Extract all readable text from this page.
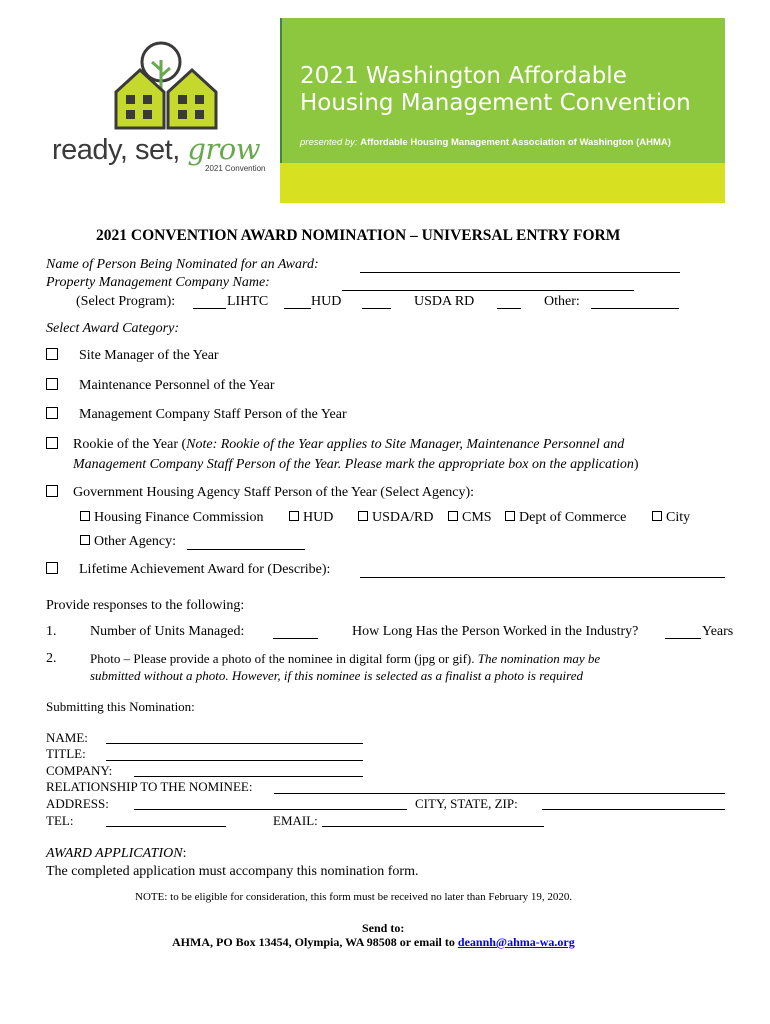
ready, set, grow
2021 Convention
2021 Washington Affordable
Housing Management Convention
presented by: Affordable Housing Management Association of Washington (AHMA)
2021 CONVENTION AWARD NOMINATION – UNIVERSAL ENTRY FORM
Name of Person Being Nominated for an Award:
Property Management Company Name:
(Select Program):	LIHTC	HUD	USDA RD	Other:
Select Award Category:
Site Manager of the Year
Maintenance Personnel of the Year
Management Company Staff Person of the Year
Rookie of the Year (Note: Rookie of the Year applies to Site Manager, Maintenance Personnel and
Management Company Staff Person of the Year. Please mark the appropriate box on the application)
Government Housing Agency Staff Person of the Year (Select Agency):
Housing Finance Commission	HUD	USDA/RD	CMS	Dept of Commerce	City
Other Agency:
Lifetime Achievement Award for (Describe):
Provide responses to the following:
1. Number of Units Managed:	How Long Has the Person Worked in the Industry?	Years
2.	Photo – Please provide a photo of the nominee in digital form (jpg or gif). The nomination may be
submitted without a photo. However, if this nominee is selected as a finalist a photo is required
Submitting this Nomination:
NAME:
TITLE:
COMPANY:
RELATIONSHIP TO THE NOMINEE:
ADDRESS:	CITY, STATE, ZIP:
TEL:	EMAIL:
AWARD APPLICATION:
The completed application must accompany this nomination form.
NOTE: to be eligible for consideration, this form must be received no later than February 19, 2020.
Send to:
AHMA, PO Box 13454, Olympia, WA 98508 or email to deannh@ahma-wa.org
